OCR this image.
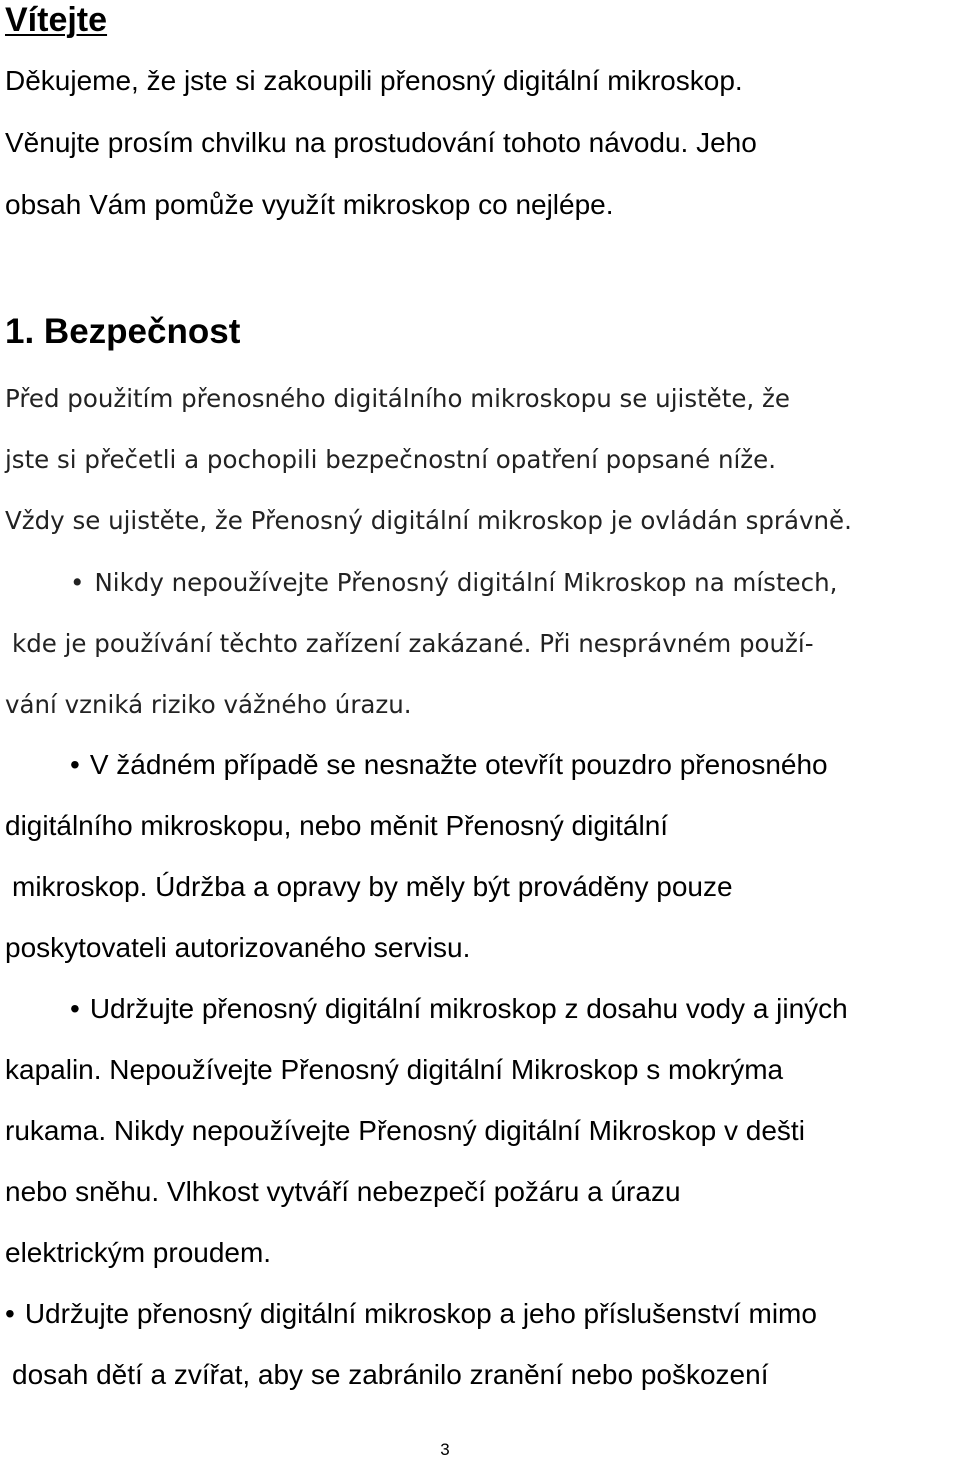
Vítejte

Děkujeme, že jste si zakoupili přenosný digitální mikroskop.

Věnujte prosím chvilku na prostudování tohoto návodu. Jeho

obsah Vám pomůže využít mikroskop co nejlépe.

1. Bezpečnost

Před použitím přenosného digitálního mikroskopu se ujistěte, že

jste si přečetli a pochopili bezpečnostní opatření popsané níže.

Vždy se ujistěte, že Přenosný digitální mikroskop je ovládán správně.

• Nikdy nepoužívejte Přenosný digitální Mikroskop na místech,

kde je používání těchto zařízení zakázané. Při nesprávném použí-

vání vzniká riziko vážného úrazu.

• V žádném případě se nesnažte otevřít pouzdro přenosného

digitálního mikroskopu, nebo měnit Přenosný digitální

mikroskop. Údržba a opravy by měly být prováděny pouze

poskytovateli autorizovaného servisu.

• Udržujte přenosný digitální mikroskop z dosahu vody a jiných

kapalin. Nepoužívejte Přenosný digitální Mikroskop s mokrýma

rukama. Nikdy nepoužívejte Přenosný digitální Mikroskop v dešti

nebo sněhu. Vlhkost vytváří nebezpečí požáru a úrazu

elektrickým proudem.

• Udržujte přenosný digitální mikroskop a jeho příslušenství mimo

dosah dětí a zvířat, aby se zabránilo zranění nebo poškození

3
